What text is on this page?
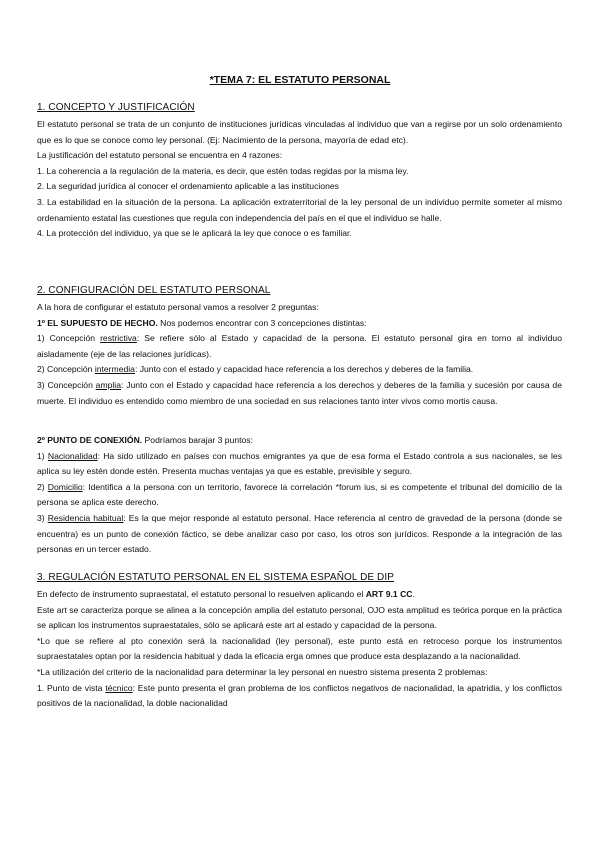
*TEMA 7: EL ESTATUTO PERSONAL
1. CONCEPTO Y JUSTIFICACIÓN

El estatuto personal se trata de un conjunto de instituciones jurídicas vinculadas al individuo que van a regirse por un solo ordenamiento que es lo que se conoce como ley personal. (Ej: Nacimiento de la persona, mayoría de edad etc).

La justificación del estatuto personal se encuentra en 4 razones:

1. La coherencia a la regulación de la materia, es decir, que estén todas regidas por la misma ley.

2. La seguridad jurídica al conocer el ordenamiento aplicable a las instituciones

3. La estabilidad en la situación de la persona. La aplicación extraterritorial de la ley personal de un individuo permite someter al mismo ordenamiento estatal las cuestiones que regula con independencia del país en el que el individuo se halle.

4. La protección del individuo, ya que se le aplicará la ley que conoce o es familiar.

2. CONFIGURACIÓN DEL ESTATUTO PERSONAL

A la hora de configurar el estatuto personal vamos a resolver 2 preguntas:

1º EL SUPUESTO DE HECHO. Nos podemos encontrar con 3 concepciones distintas:

1) Concepción restrictiva: Se refiere sólo al Estado y capacidad de la persona. El estatuto personal gira en torno al individuo aisladamente (eje de las relaciones jurídicas).

2) Concepción intermedia: Junto con el estado y capacidad hace referencia a los derechos y deberes de la familia.

3) Concepción amplia: Junto con el Estado y capacidad hace referencia a los derechos y deberes de la familia y sucesión por causa de muerte. El individuo es entendido como miembro de una sociedad en sus relaciones tanto inter vivos como mortis causa.

2º PUNTO DE CONEXIÓN. Podríamos barajar 3 puntos:

1) Nacionalidad: Ha sido utilizado en países con muchos emigrantes ya que de esa forma el Estado controla a sus nacionales, se les aplica su ley estén donde estén. Presenta muchas ventajas ya que es estable, previsible y seguro.

2) Domicilio: Identifica a la persona con un territorio, favorece la correlación *forum ius, si es competente el tribunal del domicilio de la persona se aplica este derecho.

3) Residencia habitual: Es la que mejor responde al estatuto personal. Hace referencia al centro de gravedad de la persona (donde se encuentra) es un punto de conexión fáctico, se debe analizar caso por caso, los otros son jurídicos. Responde a la integración de las personas en un tercer estado.

3. REGULACIÓN ESTATUTO PERSONAL EN EL SISTEMA ESPAÑOL DE DIP

En defecto de instrumento supraestatal, el estatuto personal lo resuelven aplicando el ART 9.1 CC.

Este art se caracteriza porque se alinea a la concepción amplia del estatuto personal, OJO esta amplitud es teórica porque en la práctica se aplican los instrumentos supraestatales, sólo se aplicará este art al estado y capacidad de la persona.

*Lo que se refiere al pto conexión será la nacionalidad (ley personal), este punto está en retroceso porque los instrumentos supraestatales optan por la residencia habitual y dada la eficacia erga omnes que produce esta desplazando a la nacionalidad.

*La utilización del criterio de la nacionalidad para determinar la ley personal en nuestro sistema presenta 2 problemas:

1. Punto de vista técnico: Este punto presenta el gran problema de los conflictos negativos de nacionalidad, la apatridia, y los conflictos positivos de la nacionalidad, la doble nacionalidad
